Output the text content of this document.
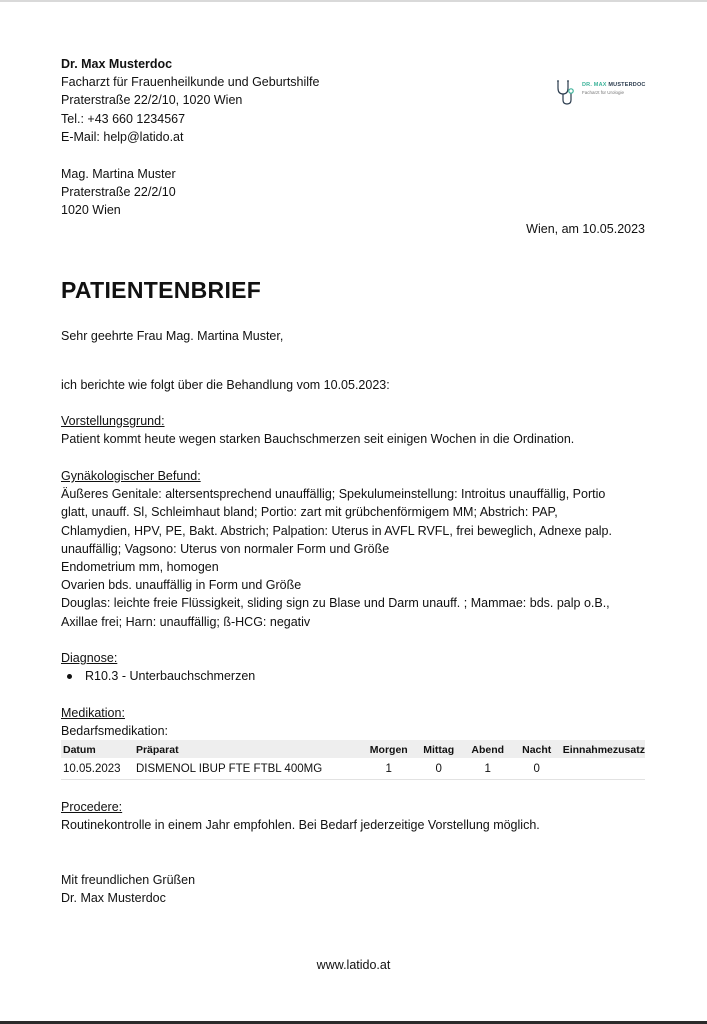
Dr. Max Musterdoc
Facharzt für Frauenheilkunde und Geburtshilfe
Praterstraße 22/2/10, 1020 Wien
Tel.: +43 660 1234567
E-Mail: help@latido.at
DR. MAX MUSTERDOC
Facharzt für Urologie
Mag. Martina Muster
Praterstraße 22/2/10
1020 Wien
Wien, am 10.05.2023
PATIENTENBRIEF
Sehr geehrte Frau Mag. Martina Muster,
ich berichte wie folgt über die Behandlung vom 10.05.2023:
Vorstellungsgrund:
Patient kommt heute wegen starken Bauchschmerzen seit einigen Wochen in die Ordination.
Gynäkologischer Befund:
Äußeres Genitale: altersentsprechend unauffällig; Spekulumeinstellung: Introitus unauffällig, Portio
glatt, unauff. Sl, Schleimhaut bland; Portio: zart mit grübchenförmigem MM; Abstrich: PAP,
Chlamydien, HPV, PE, Bakt. Abstrich; Palpation: Uterus in AVFL RVFL, frei beweglich, Adnexe palp.
unauffällig; Vagsono: Uterus von normaler Form und Größe
Endometrium mm, homogen
Ovarien bds. unauffällig in Form und Größe
Douglas: leichte freie Flüssigkeit, sliding sign zu Blase und Darm unauff. ; Mammae: bds. palp o.B.,
Axillae frei; Harn: unauffällig; ß-HCG: negativ
Diagnose:
R10.3 - Unterbauchschmerzen
Medikation:
Bedarfsmedikation:
Datum	Präparat	Morgen	Mittag	Abend	Nacht	Einnahmezusatz
10.05.2023	DISMENOL IBUP FTE FTBL 400MG	1	0	1	0	
Procedere:
Routinekontrolle in einem Jahr empfohlen. Bei Bedarf jederzeitige Vorstellung möglich.
Mit freundlichen Grüßen
Dr. Max Musterdoc
www.latido.at
